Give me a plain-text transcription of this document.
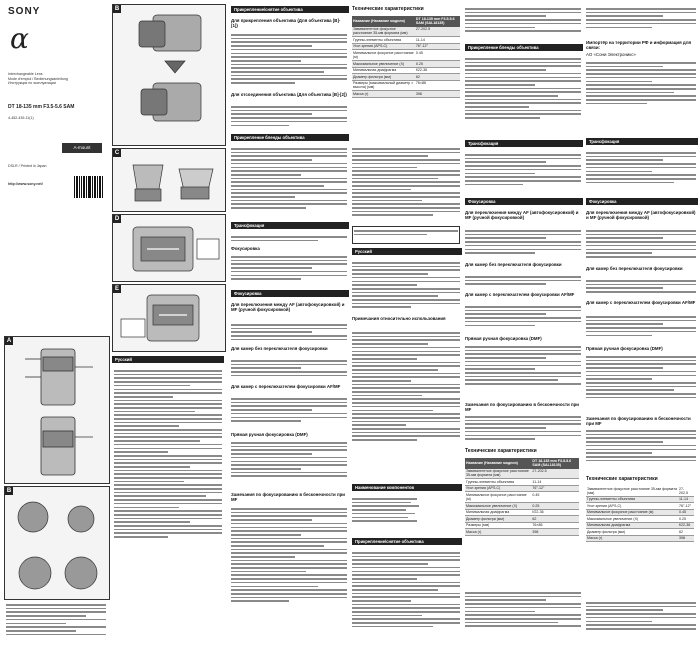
SONY
α
Interchangeable Lens
Mode d'emploi / Bedienungsanleitung
Инструкция по эксплуатации
DT 18-135 mm F3.5-5.6 SAM
4-452-439-11(1)
A-mount
DSLR / Printed in Japan
http://www.sony.net/
A
B
B
C
D
E
Русский
Прикрепление/снятие объектива
Для прикрепления объектива (Для объектива [B]-[1])
Для отсоединения объектива (Для объектива [B]-[2])
Прикрепление бленды объектива
Трансфокация
Фокусировка
Фокусировка
Для переключения между AF (автофокусировкой) и MF (ручной фокусировкой)
Для камер без переключателя фокусировки
Для камер с переключателем фокусировки AF/MF
Прямая ручная фокусировка (DMF)
Замечания по фокусированию в бесконечности при MF
Технические характеристики
Название (Название модели)	DT 18-135 mm F3.5-5.6 SAM (SAL18135)
Эквивалентное фокусное расстояние 35-мм формата (мм)	27-202.5
Группы-элементы объектива	11-14
Угол зрения (APS-C)	76°-12°
Минимальное фокусное расстояние (м)	0.45
Максимальное увеличение (X)	0.25
Минимальная диафрагма	f/22-36
Диаметр фильтра (мм)	62
Размеры (максимальный диаметр × высота) (мм)	76×86
Масса (г)	398
Русский
Примечания относительно использования
Наименование компонентов
Прикрепление/снятие объектива
Прикрепление бленды объектива
Трансфокация
Фокусировка
Для переключения между AF (автофокусировкой) и MF (ручной фокусировкой)
Для камер без переключателя фокусировки
Для камер с переключателем фокусировки AF/MF
Прямая ручная фокусировка (DMF)
Замечания по фокусированию в бесконечности при MF
Технические характеристики
Название (Название модели)	DT 18-135 mm F3.5-5.6 SAM (SAL18135)
Эквивалентное фокусное расстояние 35-мм формата (мм)	27-202.5
Группы-элементы объектива	11-14
Угол зрения (APS-C)	76°-12°
Минимальное фокусное расстояние (м)	0.45
Максимальное увеличение (X)	0.25
Минимальная диафрагма	f/22-36
Диаметр фильтра (мм)	62
Размеры (мм)	76×86
Масса (г)	398
Импортёр на территории РФ и информация для связи:
АО «Сони Электроникс»
Трансфокация
Фокусировка
Для переключения между AF (автофокусировкой) и MF (ручной фокусировкой)
Для камер без переключателя фокусировки
Для камер с переключателем фокусировки AF/MF
Прямая ручная фокусировка (DMF)
Замечания по фокусированию в бесконечности при MF
Технические характеристики
Эквивалентное фокусное расстояние 35-мм формата (мм)	27-202.5
Группы-элементы объектива	11-14
Угол зрения (APS-C)	76°-12°
Минимальное фокусное расстояние (м)	0.45
Максимальное увеличение (X)	0.25
Минимальная диафрагма	f/22-36
Диаметр фильтра (мм)	62
Масса (г)	398
